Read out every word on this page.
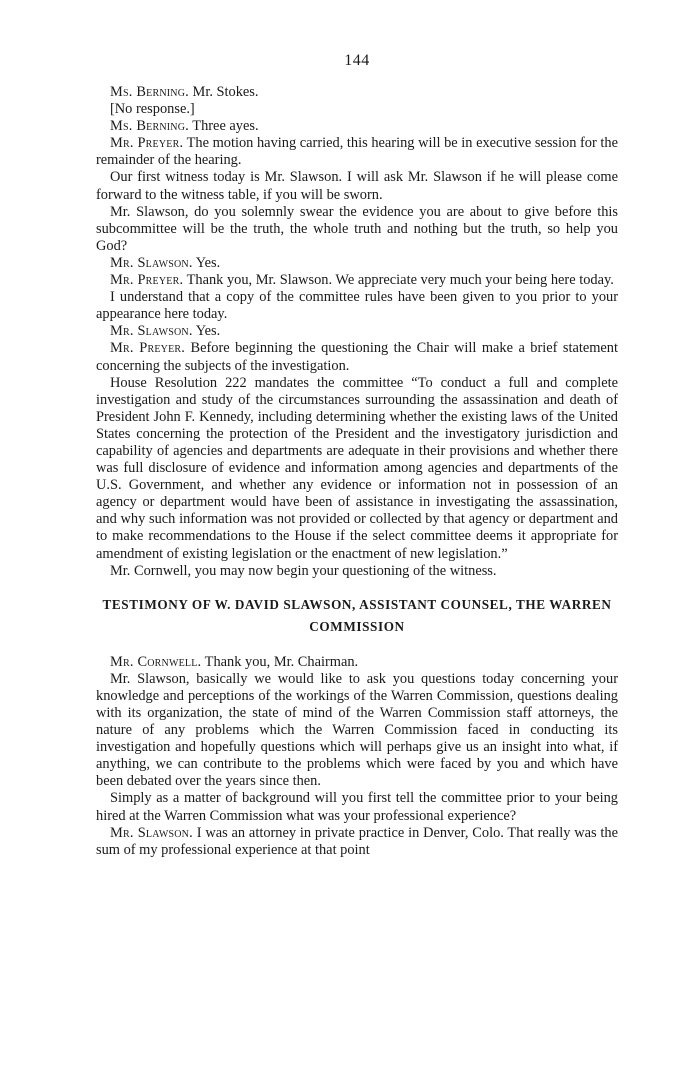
144

Ms. Berning. Mr. Stokes.

[No response.]

Ms. Berning. Three ayes.

Mr. Preyer. The motion having carried, this hearing will be in executive session for the remainder of the hearing.

Our first witness today is Mr. Slawson. I will ask Mr. Slawson if he will please come forward to the witness table, if you will be sworn.

Mr. Slawson, do you solemnly swear the evidence you are about to give before this subcommittee will be the truth, the whole truth and nothing but the truth, so help you God?

Mr. Slawson. Yes.

Mr. Preyer. Thank you, Mr. Slawson. We appreciate very much your being here today.

I understand that a copy of the committee rules have been given to you prior to your appearance here today.

Mr. Slawson. Yes.

Mr. Preyer. Before beginning the questioning the Chair will make a brief statement concerning the subjects of the investigation.

House Resolution 222 mandates the committee “To conduct a full and complete investigation and study of the circumstances surrounding the assassination and death of President John F. Kennedy, including determining whether the existing laws of the United States concerning the protection of the President and the investigatory jurisdiction and capability of agencies and departments are adequate in their provisions and whether there was full disclosure of evidence and information among agencies and departments of the U.S. Government, and whether any evidence or information not in possession of an agency or department would have been of assistance in investigating the assassination, and why such information was not provided or collected by that agency or department and to make recommendations to the House if the select committee deems it appropriate for amendment of existing legislation or the enactment of new legislation.”

Mr. Cornwell, you may now begin your questioning of the witness.

TESTIMONY OF W. DAVID SLAWSON, ASSISTANT COUNSEL, THE WARREN COMMISSION

Mr. Cornwell. Thank you, Mr. Chairman.

Mr. Slawson, basically we would like to ask you questions today concerning your knowledge and perceptions of the workings of the Warren Commission, questions dealing with its organization, the state of mind of the Warren Commission staff attorneys, the nature of any problems which the Warren Commission faced in conducting its investigation and hopefully questions which will perhaps give us an insight into what, if anything, we can contribute to the problems which were faced by you and which have been debated over the years since then.

Simply as a matter of background will you first tell the committee prior to your being hired at the Warren Commission what was your professional experience?

Mr. Slawson. I was an attorney in private practice in Denver, Colo. That really was the sum of my professional experience at that point
